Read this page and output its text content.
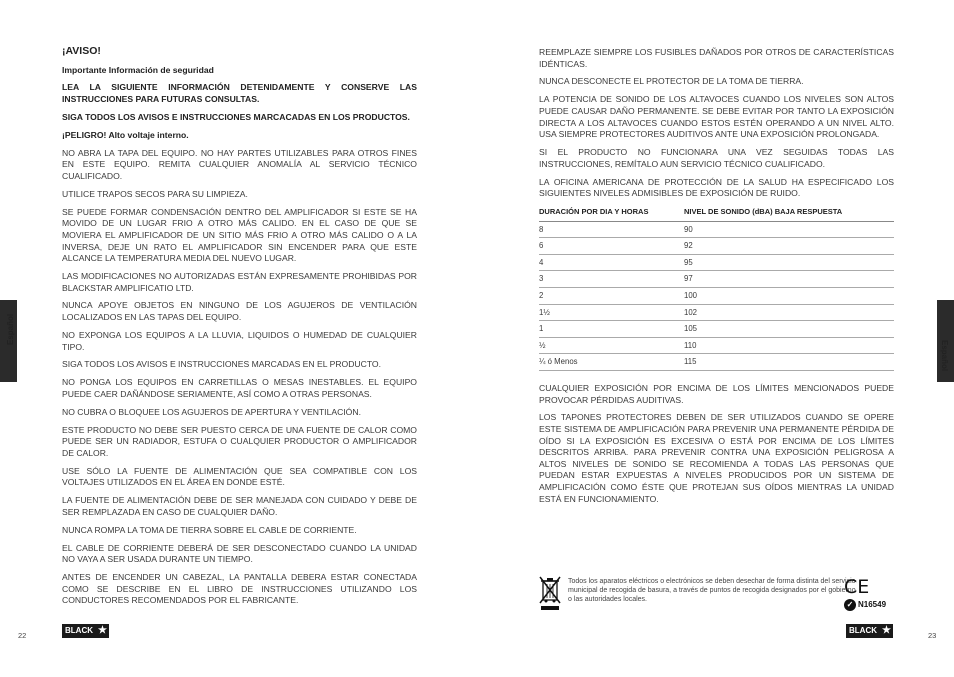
¡AVISO!

Importante Información de seguridad

LEA LA SIGUIENTE INFORMACIÓN DETENIDAMENTE Y CONSERVE LAS INSTRUCCIONES PARA FUTURAS CONSULTAS.

SIGA TODOS LOS AVISOS E INSTRUCCIONES MARCACADAS EN LOS PRODUCTOS.

¡PELIGRO! Alto voltaje interno.

NO ABRA LA TAPA DEL EQUIPO. NO HAY PARTES UTILIZABLES PARA OTROS FINES EN ESTE EQUIPO. REMITA CUALQUIER ANOMALÍA AL SERVICIO TÉCNICO CUALIFICADO.

UTILICE TRAPOS SECOS PARA SU LIMPIEZA.

SE PUEDE FORMAR CONDENSACIÓN DENTRO DEL AMPLIFICADOR SI ESTE SE HA MOVIDO DE UN LUGAR FRIO A OTRO MÁS CALIDO. EN EL CASO DE QUE SE MOVIERA EL AMPLIFICADOR DE UN SITIO MÁS FRIO A OTRO MÁS CALIDO O A LA INVERSA, DEJE UN RATO EL AMPLIFICADOR SIN ENCENDER PARA QUE ESTE ALCANCE LA TEMPERATURA MEDIA DEL NUEVO LUGAR.

LAS MODIFICACIONES NO AUTORIZADAS ESTÁN EXPRESAMENTE PROHIBIDAS POR BLACKSTAR AMPLIFICATIO LTD.

NUNCA APOYE OBJETOS EN NINGUNO DE LOS AGUJEROS DE VENTILACIÓN LOCALIZADOS EN LAS TAPAS DEL EQUIPO.

NO EXPONGA LOS EQUIPOS A LA LLUVIA, LIQUIDOS O HUMEDAD DE CUALQUIER TIPO.

SIGA TODOS LOS AVISOS E INSTRUCCIONES MARCADAS EN EL PRODUCTO.

NO PONGA LOS EQUIPOS EN CARRETILLAS O MESAS INESTABLES. EL EQUIPO PUEDE CAER DAÑÁNDOSE SERIAMENTE, ASÍ COMO A OTRAS PERSONAS.

NO CUBRA O BLOQUEE LOS AGUJEROS DE APERTURA Y VENTILACIÓN.

ESTE PRODUCTO NO DEBE SER PUESTO CERCA DE UNA FUENTE DE CALOR COMO PUEDE SER UN RADIADOR, ESTUFA O CUALQUIER PRODUCTOR O AMPLIFICADOR DE CALOR.

USE SÓLO LA FUENTE DE ALIMENTACIÓN QUE SEA COMPATIBLE CON LOS VOLTAJES UTILIZADOS EN EL ÁREA EN DONDE ESTÉ.

LA FUENTE DE ALIMENTACIÓN DEBE DE SER MANEJADA CON CUIDADO Y DEBE DE SER REMPLAZADA EN CASO DE CUALQUIER DAÑO.

NUNCA ROMPA LA TOMA DE TIERRA SOBRE EL CABLE DE CORRIENTE.

EL CABLE DE CORRIENTE DEBERÁ DE SER DESCONECTADO CUANDO LA UNIDAD NO VAYA A SER USADA DURANTE UN TIEMPO.

ANTES DE ENCENDER UN CABEZAL, LA PANTALLA DEBERA ESTAR CONECTADA COMO SE DESCRIBE EN EL LIBRO DE INSTRUCCIONES UTILIZANDO LOS CONDUCTORES RECOMENDADOS POR EL FABRICANTE.

Español
22
BLACK ★

REEMPLAZE SIEMPRE LOS FUSIBLES DAÑADOS POR OTROS DE CARACTERÍSTICAS IDÉNTICAS.

NUNCA DESCONECTE EL PROTECTOR DE LA TOMA DE TIERRA.

LA POTENCIA DE SONIDO DE LOS ALTAVOCES CUANDO LOS NIVELES SON ALTOS PUEDE CAUSAR DAÑO PERMANENTE. SE DEBE EVITAR POR TANTO LA EXPOSICIÓN DIRECTA A LOS ALTAVOCES CUANDO ESTOS ESTÉN OPERANDO A UN NIVEL ALTO. USA SIEMPRE PROTECTORES AUDITIVOS ANTE UNA EXPOSICIÓN PROLONGADA.

SI EL PRODUCTO NO FUNCIONARA UNA VEZ SEGUIDAS TODAS LAS INSTRUCCIONES, REMÍTALO AUN SERVICIO TÉCNICO CUALIFICADO.

LA OFICINA AMERICANA DE PROTECCIÓN DE LA SALUD HA ESPECIFICADO LOS SIGUIENTES NIVELES ADMISIBLES DE EXPOSICIÓN DE RUIDO.

DURACIÓN POR DIA Y HORAS	NIVEL DE SONIDO (dBA) BAJA RESPUESTA
8	90
6	92
4	95
3	97
2	100
1½	102
1	105
½	110
¼ ó Menos	115

CUALQUIER EXPOSICIÓN POR ENCIMA DE LOS LÍMITES MENCIONADOS PUEDE PROVOCAR PÉRDIDAS AUDITIVAS.

LOS TAPONES PROTECTORES DEBEN DE SER UTILIZADOS CUANDO SE OPERE ESTE SISTEMA DE AMPLIFICACIÓN PARA PREVENIR UNA PERMANENTE PÉRDIDA DE OÍDO SI LA EXPOSICIÓN ES EXCESIVA O ESTÁ POR ENCIMA DE LOS LÍMITES DESCRITOS ARRIBA. PARA PREVENIR CONTRA UNA EXPOSICIÓN PELIGROSA A ALTOS NIVELES DE SONIDO SE RECOMIENDA A TODAS LAS PERSONAS QUE PUEDAN ESTAR EXPUESTAS A NIVELES PRODUCIDOS POR UN SISTEMA DE AMPLIFICACIÓN COMO ÉSTE QUE PROTEJAN SUS OÍDOS MIENTRAS LA UNIDAD ESTÁ EN FUNCIONAMIENTO.

Español
23
BLACK ★
Todos los aparatos eléctricos o electrónicos se deben desechar de forma distinta del servicio municipal de recogida de basura, a través de puntos de recogida designados por el gobierno o las autoridades locales.
CE
✓ N16549
